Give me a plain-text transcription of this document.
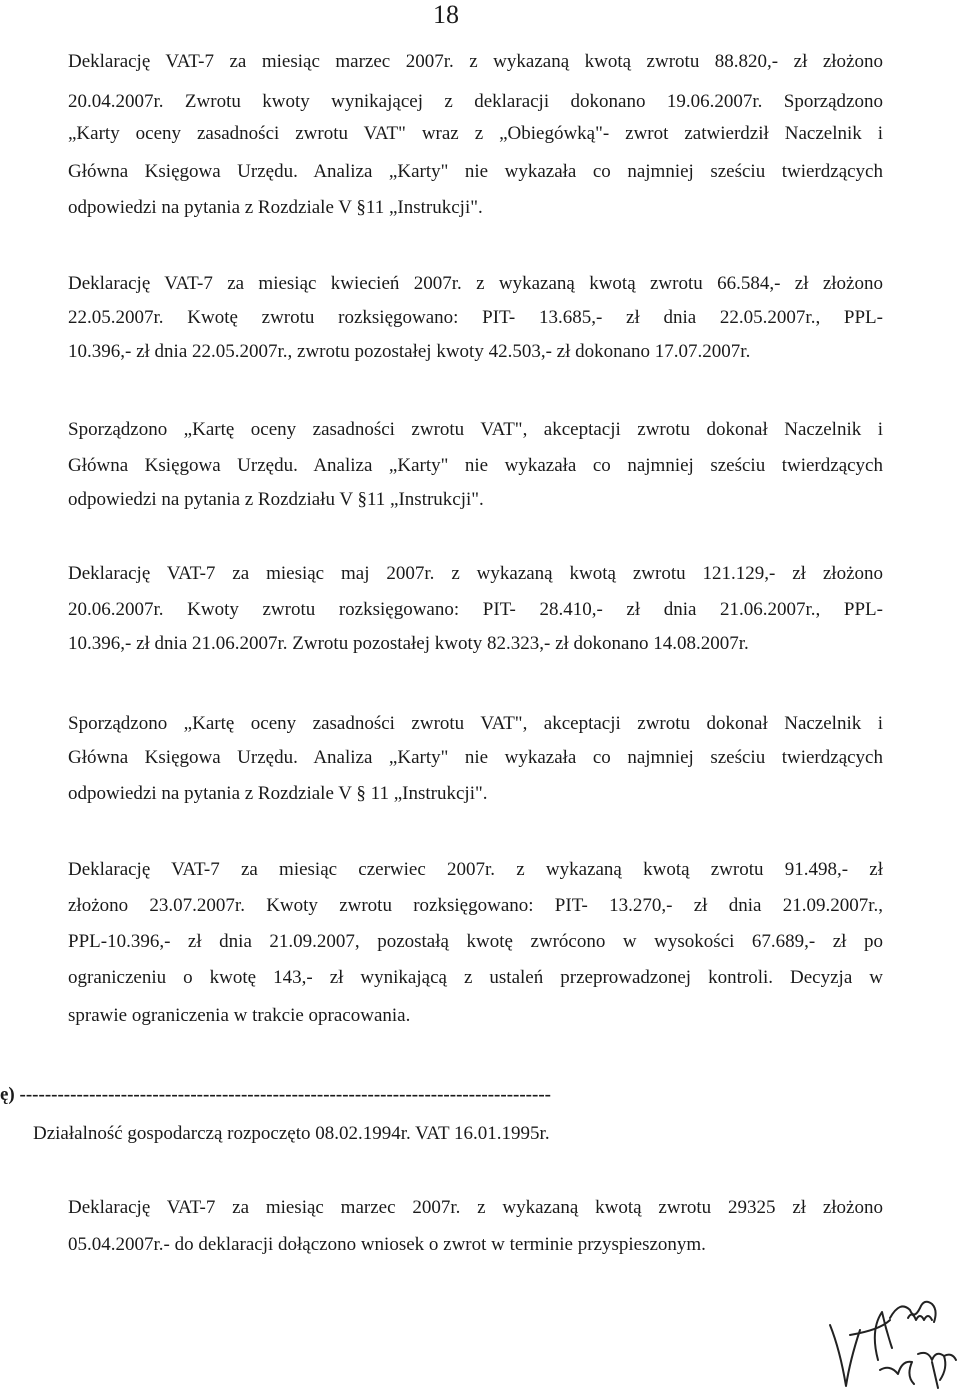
18
Deklarację VAT-7 za miesiąc marzec 2007r. z wykazaną kwotą zwrotu 88.820,- zł złożono
20.04.2007r. Zwrotu kwoty wynikającej z deklaracji dokonano 19.06.2007r. Sporządzono
„Karty oceny zasadności zwrotu VAT" wraz z „Obiegówką"- zwrot zatwierdził Naczelnik i
Główna Księgowa Urzędu. Analiza „Karty" nie wykazała co najmniej sześciu twierdzących
odpowiedzi na pytania z Rozdziale V §11 „Instrukcji".
Deklarację VAT-7 za miesiąc kwiecień 2007r. z wykazaną kwotą zwrotu 66.584,- zł złożono
22.05.2007r. Kwotę zwrotu rozksięgowano: PIT- 13.685,- zł dnia 22.05.2007r., PPL-
10.396,- zł dnia 22.05.2007r., zwrotu pozostałej kwoty 42.503,- zł dokonano 17.07.2007r.
Sporządzono „Kartę oceny zasadności zwrotu VAT", akceptacji zwrotu dokonał Naczelnik i
Główna Księgowa Urzędu. Analiza „Karty" nie wykazała co najmniej sześciu twierdzących
odpowiedzi na pytania z Rozdziału V §11 „Instrukcji".
Deklarację VAT-7 za miesiąc maj 2007r. z wykazaną kwotą zwrotu 121.129,- zł złożono
20.06.2007r. Kwoty zwrotu rozksięgowano: PIT- 28.410,- zł dnia 21.06.2007r., PPL-
10.396,- zł dnia 21.06.2007r. Zwrotu pozostałej kwoty 82.323,- zł dokonano 14.08.2007r.
Sporządzono „Kartę oceny zasadności zwrotu VAT", akceptacji zwrotu dokonał Naczelnik i
Główna Księgowa Urzędu. Analiza „Karty" nie wykazała co najmniej sześciu twierdzących
odpowiedzi na pytania z Rozdziale V § 11 „Instrukcji".
Deklarację VAT-7 za miesiąc czerwiec 2007r. z wykazaną kwotą zwrotu 91.498,- zł
złożono 23.07.2007r. Kwoty zwrotu rozksięgowano: PIT- 13.270,- zł dnia 21.09.2007r.,
PPL-10.396,- zł dnia 21.09.2007, pozostałą kwotę zwrócono w wysokości 67.689,- zł po
ograniczeniu o kwotę 143,- zł wynikającą z ustaleń przeprowadzonej kontroli. Decyzja w
sprawie ograniczenia w trakcie opracowania.
ę) ------------------------------------------------------------------------------------
Działalność gospodarczą rozpoczęto 08.02.1994r. VAT 16.01.1995r.
Deklarację VAT-7 za miesiąc marzec 2007r. z wykazaną kwotą zwrotu 29325 zł złożono
05.04.2007r.- do deklaracji dołączono wniosek o zwrot w terminie przyspieszonym.
